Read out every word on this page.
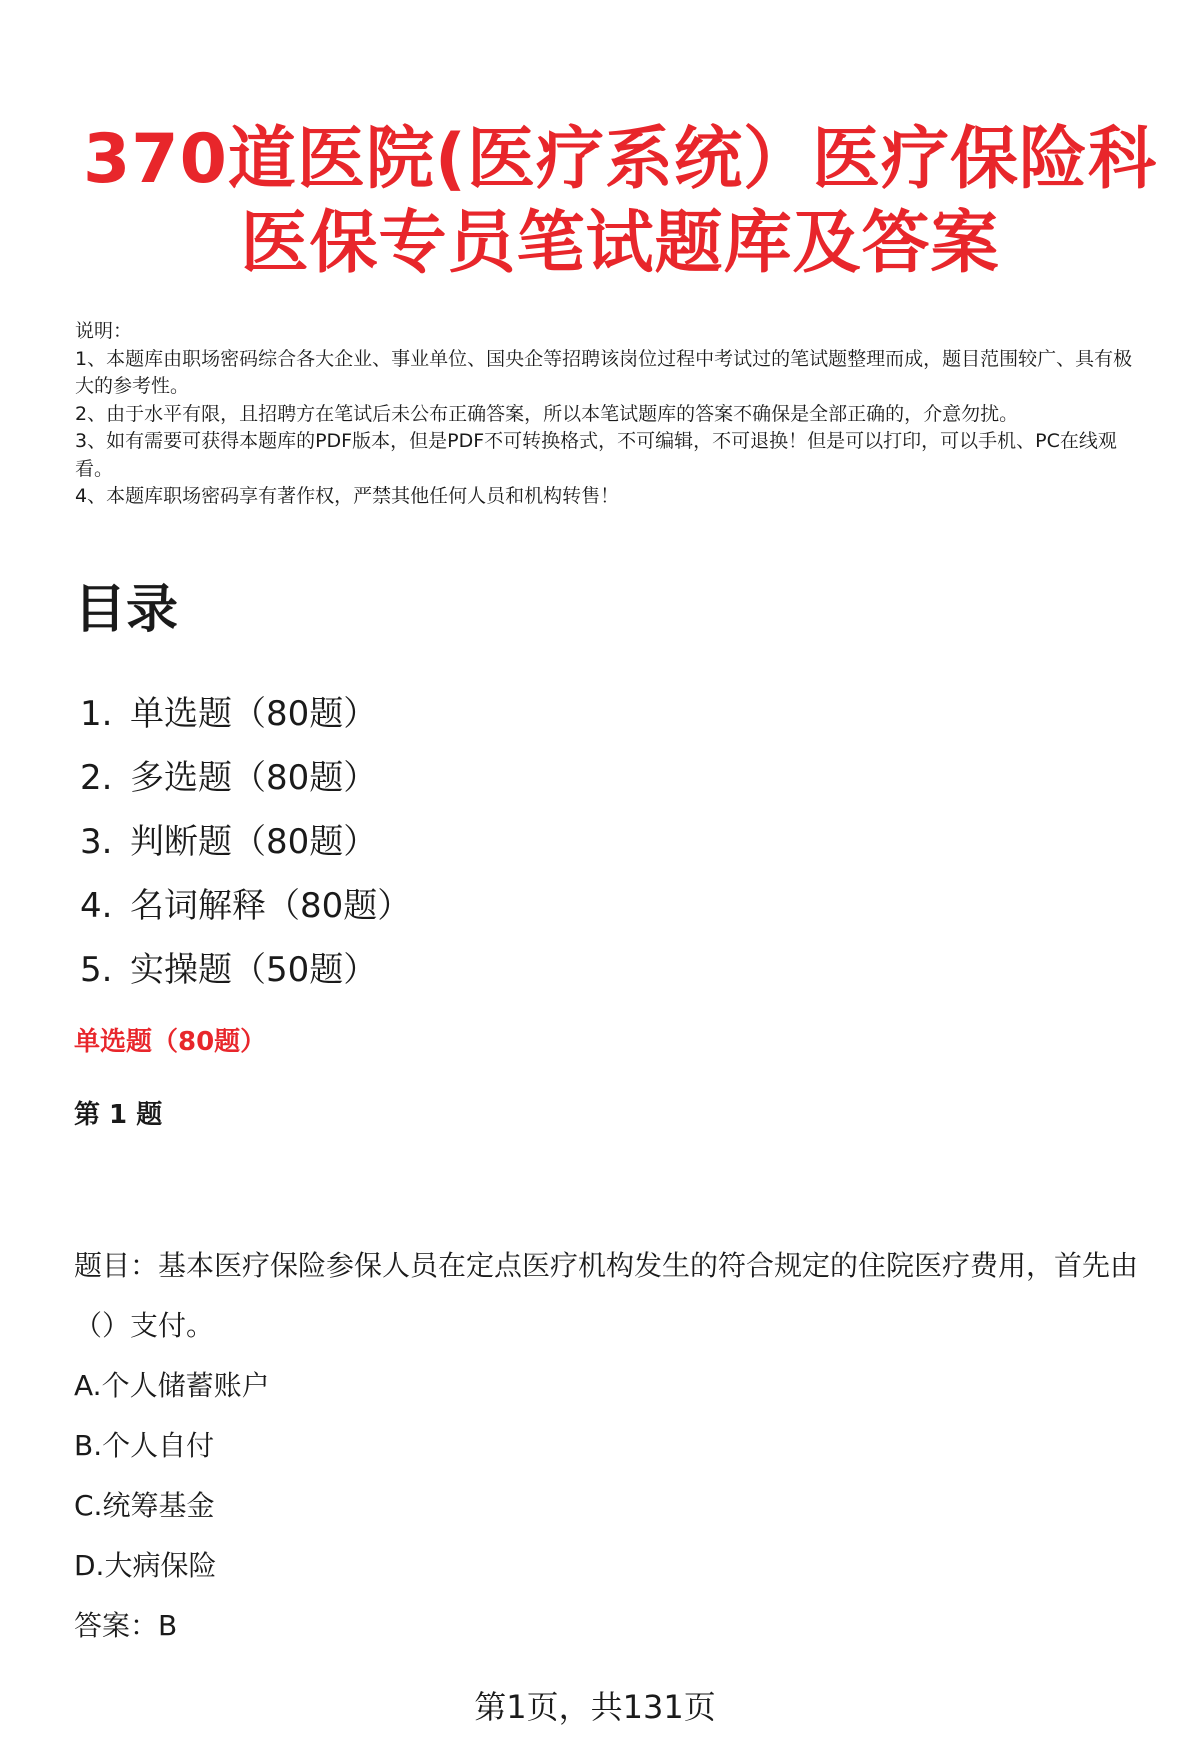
370道医院(医疗系统）医疗保险科医保专员笔试题库及答案
说明：
1、本题库由职场密码综合各大企业、事业单位、国央企等招聘该岗位过程中考试过的笔试题整理而成，题目范围较广、具有极大的参考性。
2、由于水平有限，且招聘方在笔试后未公布正确答案，所以本笔试题库的答案不确保是全部正确的，介意勿扰。
3、如有需要可获得本题库的PDF版本，但是PDF不可转换格式，不可编辑，不可退换！但是可以打印，可以手机、PC在线观看。
4、本题库职场密码享有著作权，严禁其他任何人员和机构转售！
目录
1. 单选题（80题）
2. 多选题（80题）
3. 判断题（80题）
4. 名词解释（80题）
5. 实操题（50题）
单选题（80题）
第 1 题
题目：基本医疗保险参保人员在定点医疗机构发生的符合规定的住院医疗费用，首先由（）支付。
A.个人储蓄账户
B.个人自付
C.统筹基金
D.大病保险
答案：B
第1页，共131页
